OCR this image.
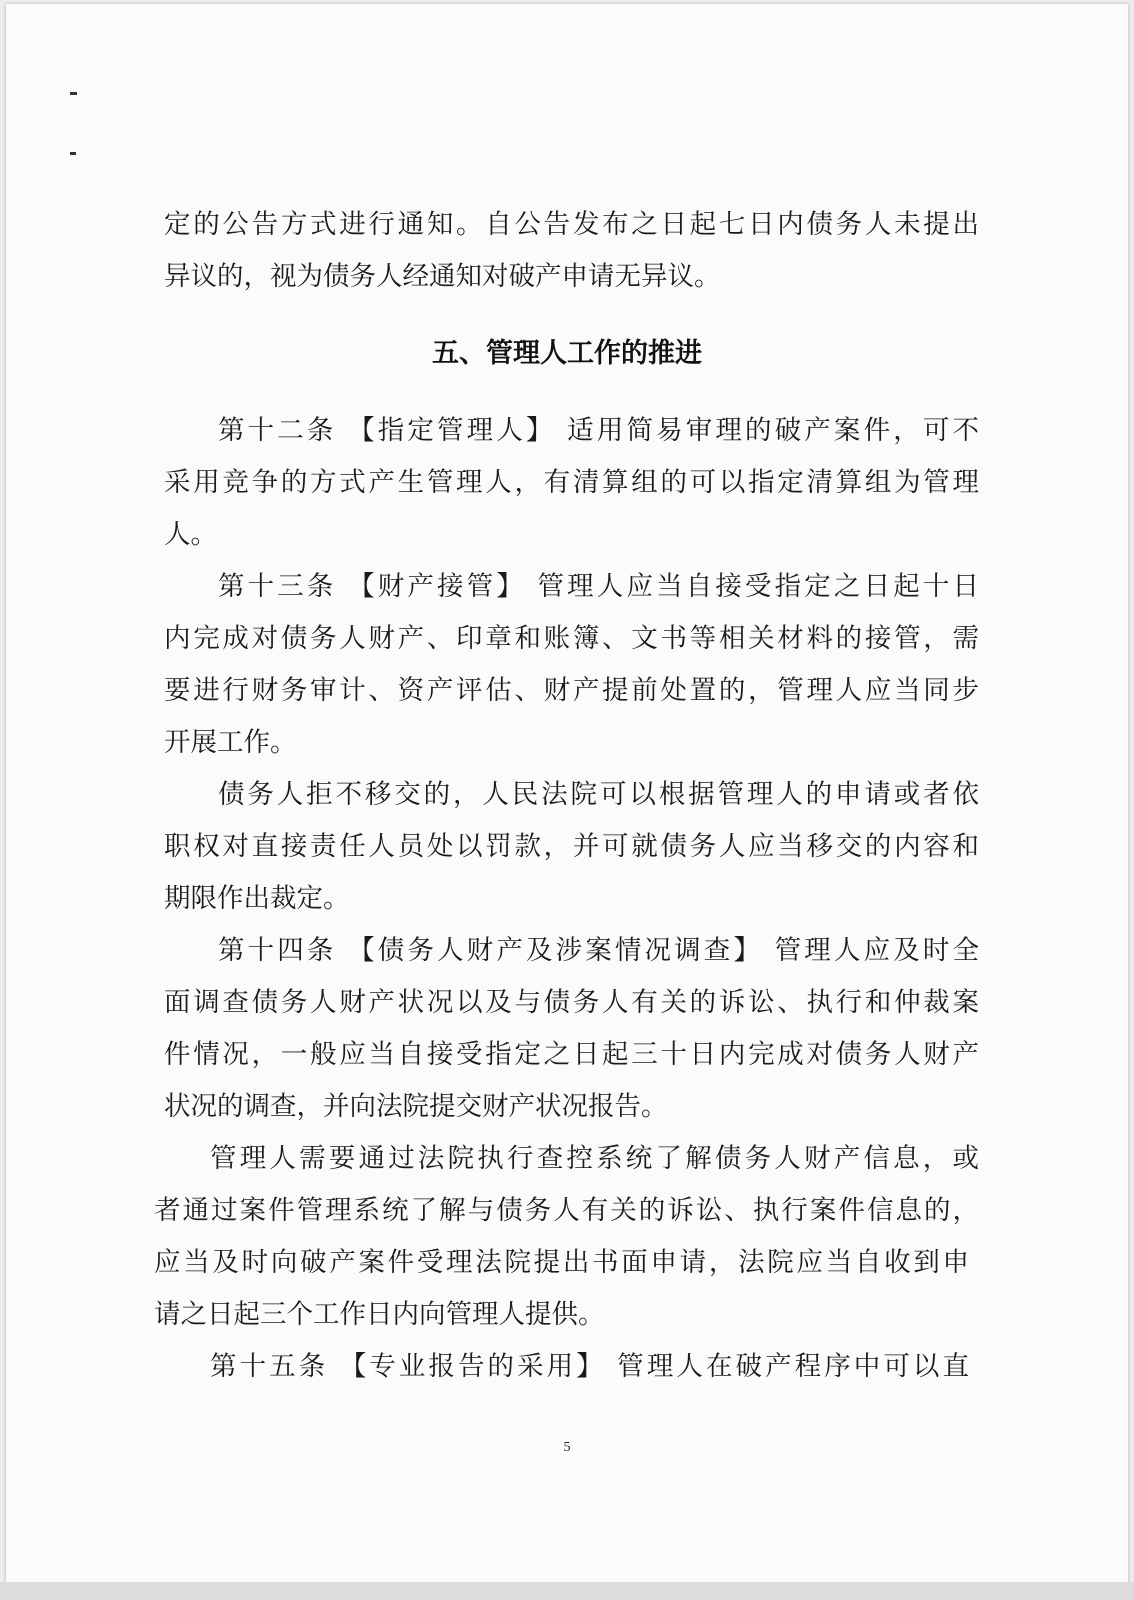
定的公告方式进行通知。自公告发布之日起七日内债务人未提出

异议的，视为债务人经通知对破产申请无异议。

五、管理人工作的推进

第十二条 【指定管理人】 适用简易审理的破产案件，可不

采用竞争的方式产生管理人，有清算组的可以指定清算组为管理

人。

第十三条 【财产接管】 管理人应当自接受指定之日起十日

内完成对债务人财产、印章和账簿、文书等相关材料的接管，需

要进行财务审计、资产评估、财产提前处置的，管理人应当同步

开展工作。

债务人拒不移交的，人民法院可以根据管理人的申请或者依

职权对直接责任人员处以罚款，并可就债务人应当移交的内容和

期限作出裁定。

第十四条 【债务人财产及涉案情况调查】 管理人应及时全

面调查债务人财产状况以及与债务人有关的诉讼、执行和仲裁案

件情况，一般应当自接受指定之日起三十日内完成对债务人财产

状况的调查，并向法院提交财产状况报告。

管理人需要通过法院执行查控系统了解债务人财产信息，或

者通过案件管理系统了解与债务人有关的诉讼、执行案件信息的，

应当及时向破产案件受理法院提出书面申请，法院应当自收到申

请之日起三个工作日内向管理人提供。

第十五条 【专业报告的采用】 管理人在破产程序中可以直

5
